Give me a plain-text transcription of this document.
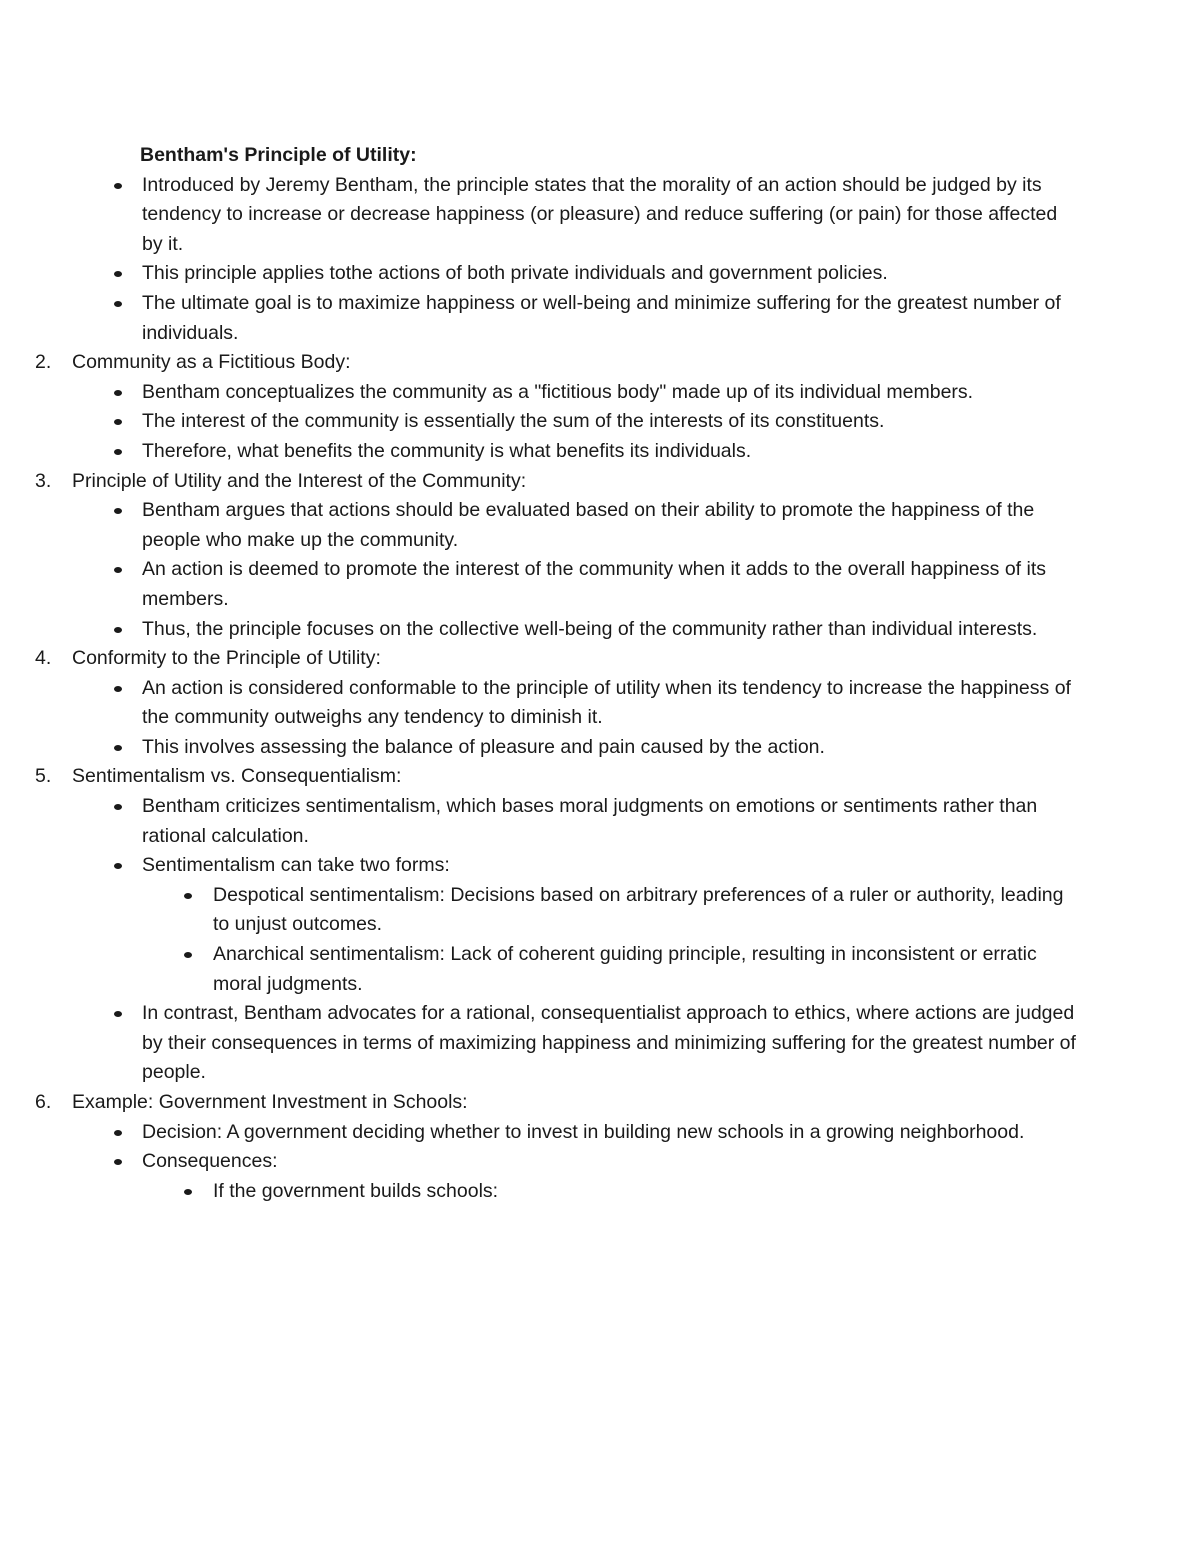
Bentham's Principle of Utility:

Introduced by Jeremy Bentham, the principle states that the morality of an action should be judged by its tendency to increase or decrease happiness (or pleasure) and reduce suffering (or pain) for those affected by it.
This principle applies tothe actions of both private individuals and government policies.
The ultimate goal is to maximize happiness or well-being and minimize suffering for the greatest number of individuals.
2. Community as a Fictitious Body:
Bentham conceptualizes the community as a "fictitious body" made up of its individual members.
The interest of the community is essentially the sum of the interests of its constituents.
Therefore, what benefits the community is what benefits its individuals.
3. Principle of Utility and the Interest of the Community:
Bentham argues that actions should be evaluated based on their ability to promote the happiness of the people who make up the community.
An action is deemed to promote the interest of the community when it adds to the overall happiness of its members.
Thus, the principle focuses on the collective well-being of the community rather than individual interests.
4. Conformity to the Principle of Utility:
An action is considered conformable to the principle of utility when its tendency to increase the happiness of the community outweighs any tendency to diminish it.
This involves assessing the balance of pleasure and pain caused by the action.
5. Sentimentalism vs. Consequentialism:
Bentham criticizes sentimentalism, which bases moral judgments on emotions or sentiments rather than rational calculation.
Sentimentalism can take two forms:
Despotical sentimentalism: Decisions based on arbitrary preferences of a ruler or authority, leading to unjust outcomes.
Anarchical sentimentalism: Lack of coherent guiding principle, resulting in inconsistent or erratic moral judgments.
In contrast, Bentham advocates for a rational, consequentialist approach to ethics, where actions are judged by their consequences in terms of maximizing happiness and minimizing suffering for the greatest number of people.
6. Example: Government Investment in Schools:
Decision: A government deciding whether to invest in building new schools in a growing neighborhood.
Consequences:
If the government builds schools:
